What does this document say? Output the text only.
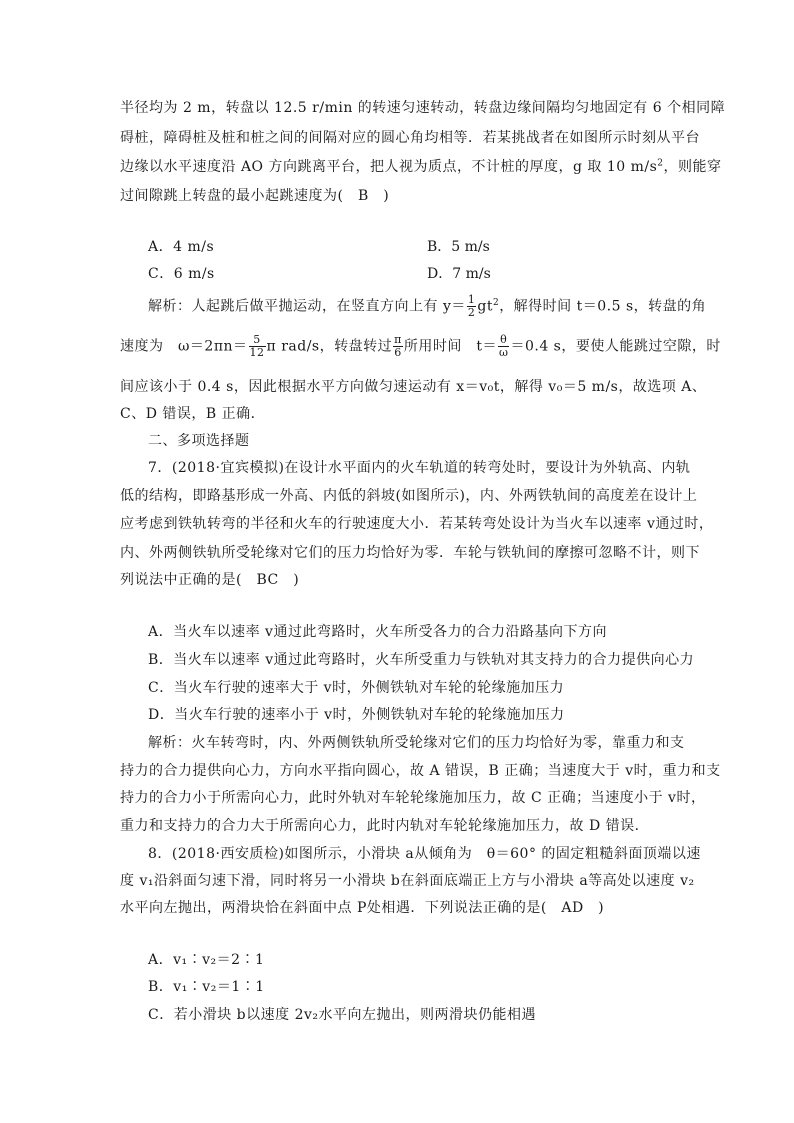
半径均为 2 m，转盘以 12.5 r/min 的转速匀速转动，转盘边缘间隔均匀地固定有 6 个相同障
碍桩，障碍桩及桩和桩之间的间隔对应的圆心角均相等．若某挑战者在如图所示时刻从平台
边缘以水平速度沿 AO 方向跳离平台，把人视为质点，不计桩的厚度，g 取 10 $m/s^2$，则能穿
过间隙跳上转盘的最小起跳速度为(　B　)
A．4 m/s	B．5 m/s
C．6 m/s	D．7 m/s
解析：人起跳后做平抛运动，在竖直方向上有 $y= \frac{1}{2} gt^2$，解得时间 t＝0.5 s，转盘的角
速度为　$\omega=2\pi n= \frac{5}{12}$ π rad/s，转盘转过 $\frac{\pi}{6}$ 所用时间　$t= \frac{\theta}{\omega} =0.4$ s，要使人能跳过空隙，时
间应该小于 0.4 s，因此根据水平方向做匀速运动有 x＝v₀t，解得 v₀＝5 m/s，故选项 A、
C、D 错误，B 正确．
二、多项选择题
7．(2018·宜宾模拟)在设计水平面内的火车轨道的转弯处时，要设计为外轨高、内轨
低的结构，即路基形成一外高、内低的斜坡(如图所示)，内、外两铁轨间的高度差在设计上
应考虑到铁轨转弯的半径和火车的行驶速度大小．若某转弯处设计为当火车以速率 v通过时，
内、外两侧铁轨所受轮缘对它们的压力均恰好为零．车轮与铁轨间的摩擦可忽略不计，则下
列说法中正确的是(　BC　)
A．当火车以速率 v通过此弯路时，火车所受各力的合力沿路基向下方向
B．当火车以速率 v通过此弯路时，火车所受重力与铁轨对其支持力的合力提供向心力
C．当火车行驶的速率大于 v时，外侧铁轨对车轮的轮缘施加压力
D．当火车行驶的速率小于 v时，外侧铁轨对车轮的轮缘施加压力
解析：火车转弯时，内、外两侧铁轨所受轮缘对它们的压力均恰好为零，靠重力和支
持力的合力提供向心力，方向水平指向圆心，故 A 错误，B 正确；当速度大于 v时，重力和支
持力的合力小于所需向心力，此时外轨对车轮轮缘施加压力，故 C 正确；当速度小于 v时，
重力和支持力的合力大于所需向心力，此时内轨对车轮轮缘施加压力，故 D 错误．
8．(2018·西安质检)如图所示，小滑块 a从倾角为　θ＝60° 的固定粗糙斜面顶端以速
度 v₁沿斜面匀速下滑，同时将另一小滑块 b在斜面底端正上方与小滑块 a等高处以速度 v₂
水平向左抛出，两滑块恰在斜面中点 P处相遇．下列说法正确的是(　AD　)
A．v₁∶v₂＝2∶1
B．v₁∶v₂＝1∶1
C．若小滑块 b以速度 2v₂水平向左抛出，则两滑块仍能相遇
